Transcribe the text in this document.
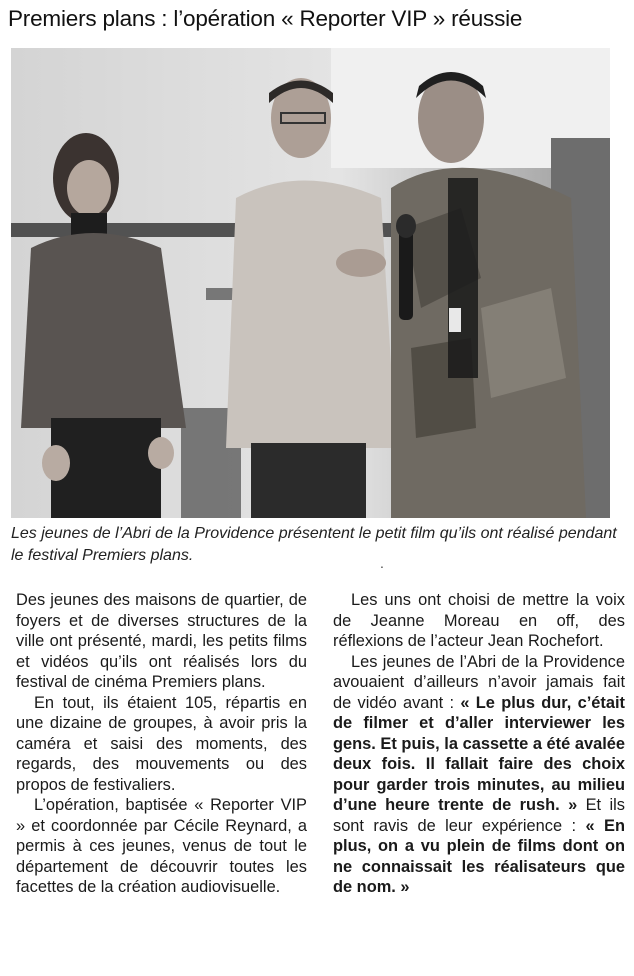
Premiers plans : l’opération « Reporter VIP » réussie
Les jeunes de l’Abri de la Providence présentent le petit film qu’ils ont réalisé pendant le festival Premiers plans.	.

Des jeunes des maisons de quartier, de foyers et de diverses structures de la ville ont présenté, mardi, les petits films et vidéos qu’ils ont réalisés lors du festival de cinéma Premiers plans.

En tout, ils étaient 105, répartis en une dizaine de groupes, à avoir pris la caméra et saisi des moments, des regards, des mouvements ou des propos de festivaliers.

L’opération, baptisée « Reporter VIP » et coordonnée par Cécile Reynard, a permis à ces jeunes, venus de tout le département de découvrir toutes les facettes de la création audiovisuelle.

Les uns ont choisi de mettre la voix de Jeanne Moreau en off, des réflexions de l’acteur Jean Rochefort.

Les jeunes de l’Abri de la Providence avouaient d’ailleurs n’avoir jamais fait de vidéo avant : « Le plus dur, c’était de filmer et d’aller interviewer les gens. Et puis, la cassette a été avalée deux fois. Il fallait faire des choix pour garder trois minutes, au milieu d’une heure trente de rush. » Et ils sont ravis de leur expérience : « En plus, on a vu plein de films dont on ne connaissait les réalisateurs que de nom. »
